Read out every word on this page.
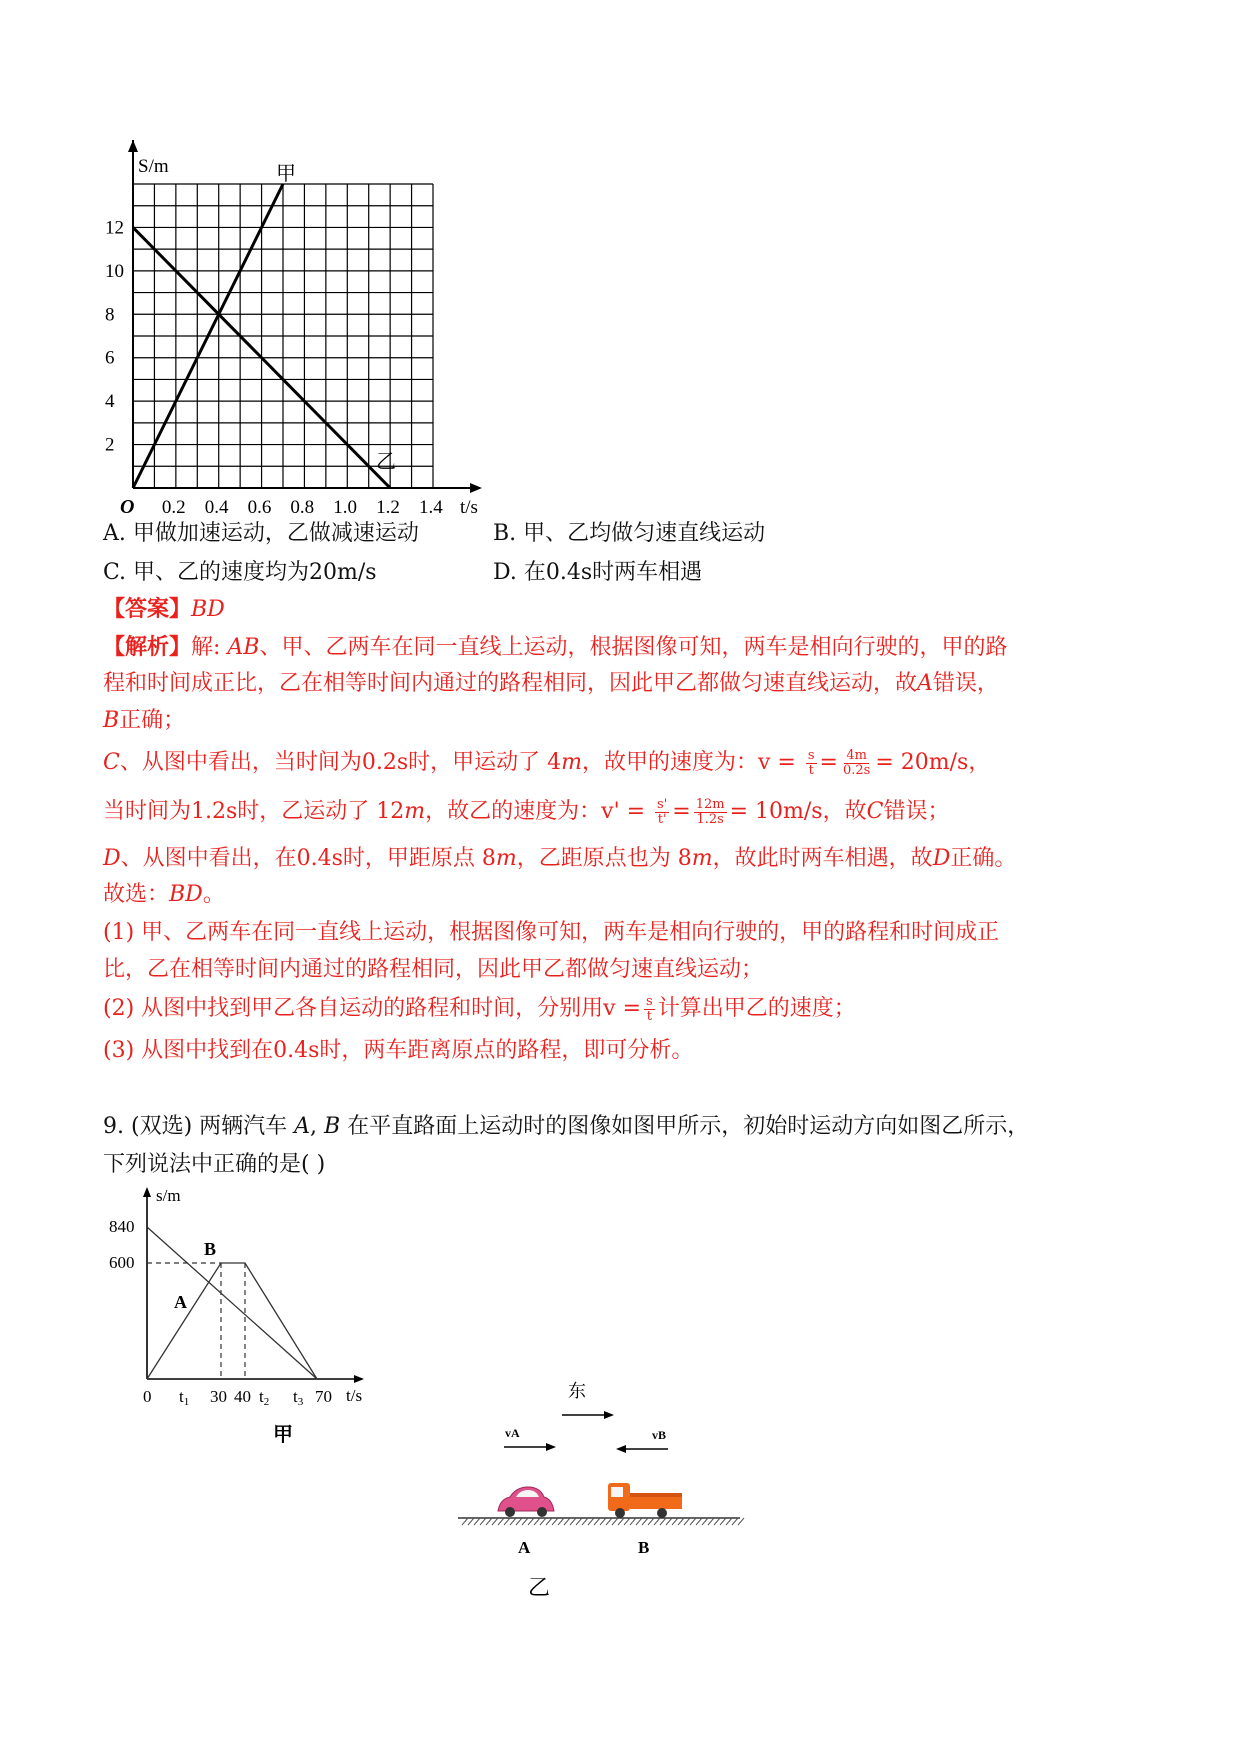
S/m
t/s
O
2
4
6
8
10
12
0.2 0.4 0.6 0.8 1.0 1.2 1.4
甲
乙
A. 甲做加速运动，乙做减速运动	B. 甲、乙均做匀速直线运动
C. 甲、乙的速度均为20m/s	D. 在0.4s时两车相遇
【答案】BD
【解析】解: AB、甲、乙两车在同一直线上运动，根据图像可知，两车是相向行驶的，甲的路
程和时间成正比，乙在相等时间内通过的路程相同，因此甲乙都做匀速直线运动，故A错误，
B正确；
C、从图中看出，当时间为0.2s时，甲运动了 4m，故甲的速度为：$v = \frac{s}{t} = \frac{4m}{0.2s} = 20m/s$，
当时间为1.2s时，乙运动了 12m，故乙的速度为：$v' = \frac{s'}{t'} = \frac{12m}{1.2s} = 10m/s$，故C错误；
D、从图中看出，在0.4s时，甲距原点 8m，乙距原点也为 8m，故此时两车相遇，故D正确。
故选：BD。
(1) 甲、乙两车在同一直线上运动，根据图像可知，两车是相向行驶的，甲的路程和时间成正
比，乙在相等时间内通过的路程相同，因此甲乙都做匀速直线运动；
(2) 从图中找到甲乙各自运动的路程和时间，分别用$v = \frac{s}{t}$ 计算出甲乙的速度；
(3) 从图中找到在0.4s时，两车距离原点的路程，即可分析。
9. (双选) 两辆汽车 A, B 在平直路面上运动时的图像如图甲所示，初始时运动方向如图乙所示，
下列说法中正确的是( )
s/m
t/s
840
600
B
A
0 t1 30 40 t2 t3 70
甲
东
vA	vB
A	B
乙
